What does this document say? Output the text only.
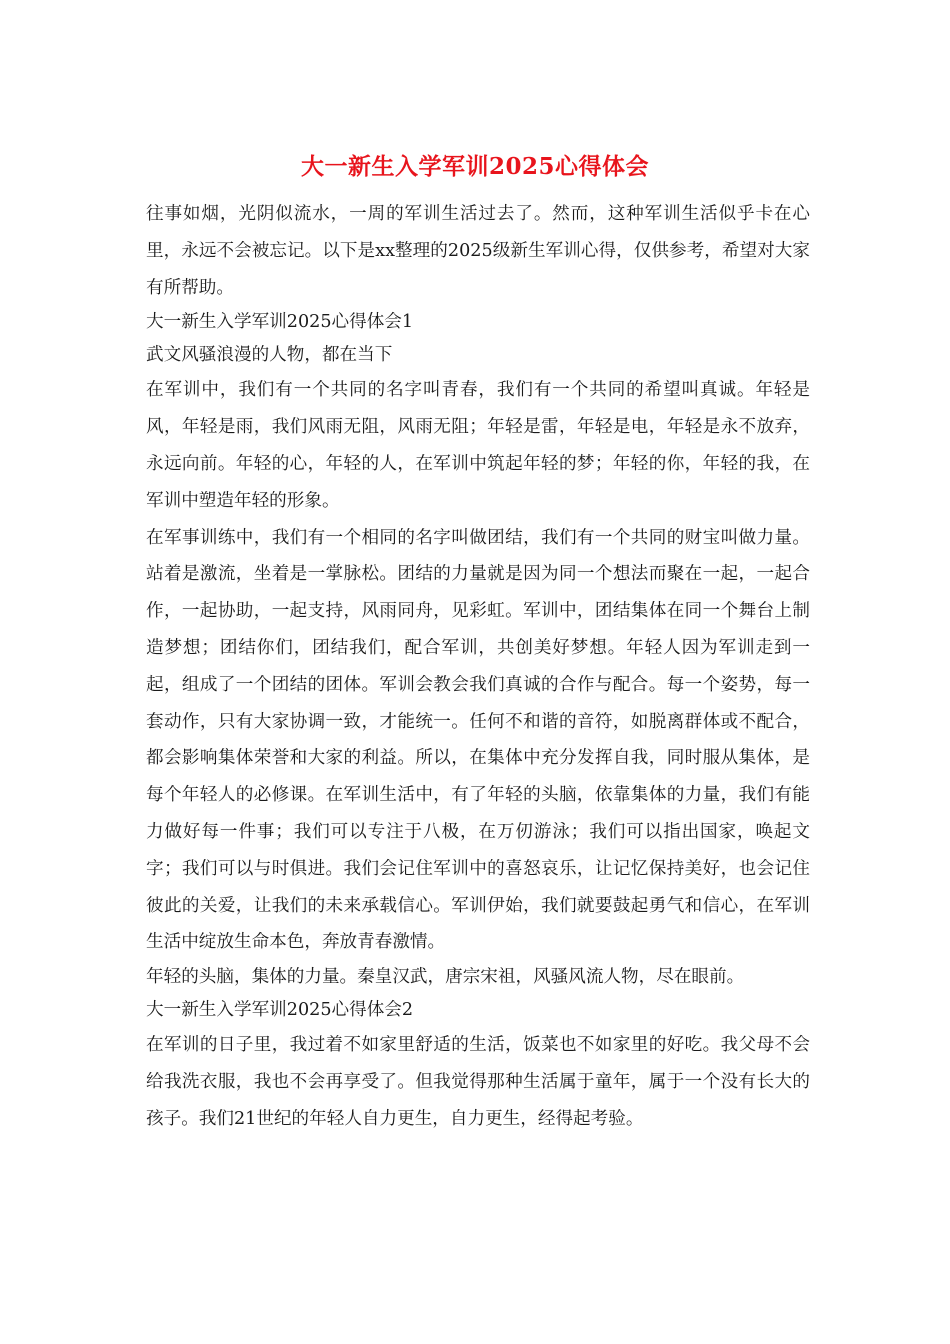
大一新生入学军训2025心得体会

往事如烟，光阴似流水，一周的军训生活过去了。然而，这种军训生活似乎卡在心里，永远不会被忘记。以下是xx整理的2025级新生军训心得，仅供参考，希望对大家有所帮助。

大一新生入学军训2025心得体会1

武文风骚浪漫的人物，都在当下

在军训中，我们有一个共同的名字叫青春，我们有一个共同的希望叫真诚。年轻是风，年轻是雨，我们风雨无阻，风雨无阻；年轻是雷，年轻是电，年轻是永不放弃，永远向前。年轻的心，年轻的人，在军训中筑起年轻的梦；年轻的你，年轻的我，在军训中塑造年轻的形象。

在军事训练中，我们有一个相同的名字叫做团结，我们有一个共同的财宝叫做力量。站着是激流，坐着是一掌脉松。团结的力量就是因为同一个想法而聚在一起，一起合作，一起协助，一起支持，风雨同舟，见彩虹。军训中，团结集体在同一个舞台上制造梦想；团结你们，团结我们，配合军训，共创美好梦想。年轻人因为军训走到一起，组成了一个团结的团体。军训会教会我们真诚的合作与配合。每一个姿势，每一套动作，只有大家协调一致，才能统一。任何不和谐的音符，如脱离群体或不配合，都会影响集体荣誉和大家的利益。所以，在集体中充分发挥自我，同时服从集体，是每个年轻人的必修课。在军训生活中，有了年轻的头脑，依靠集体的力量，我们有能力做好每一件事；我们可以专注于八极，在万仞游泳；我们可以指出国家，唤起文字；我们可以与时俱进。我们会记住军训中的喜怒哀乐，让记忆保持美好，也会记住彼此的关爱，让我们的未来承载信心。军训伊始，我们就要鼓起勇气和信心，在军训生活中绽放生命本色，奔放青春激情。

年轻的头脑，集体的力量。秦皇汉武，唐宗宋祖，风骚风流人物，尽在眼前。

大一新生入学军训2025心得体会2

在军训的日子里，我过着不如家里舒适的生活，饭菜也不如家里的好吃。我父母不会给我洗衣服，我也不会再享受了。但我觉得那种生活属于童年，属于一个没有长大的孩子。我们21世纪的年轻人自力更生，自力更生，经得起考验。
